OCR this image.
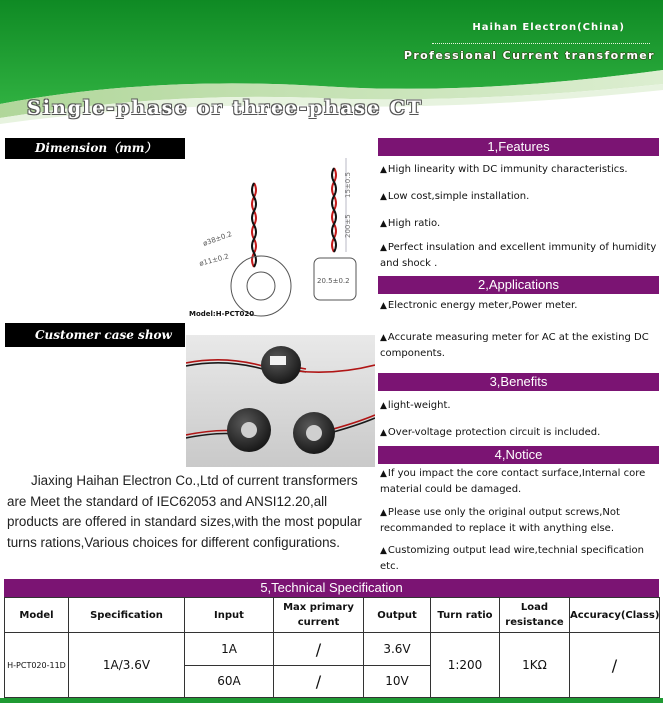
Haihan Electron(China)
Professional Current transformer
Single-phase or three-phase CT
Dimension（mm）
ø38±0.2
ø11±0.2
15±0.5
200±5
20.5±0.2
Model:H-PCT020
Customer case show

Jiaxing Haihan Electron Co.,Ltd of current transformers are Meet the standard of IEC62053 and ANSI12.20,all products are offered in standard sizes,with the most popular turns rations,Various choices for different configurations.

1,Features
▲High linearity with DC immunity characteristics.
▲Low cost,simple installation.
▲High ratio.
▲Perfect insulation and excellent immunity of humidity and shock .
2,Applications
▲Electronic energy meter,Power meter.
▲Accurate measuring meter for AC at the existing DC components.
3,Benefits
▲light-weight.
▲Over-voltage protection circuit is included.
4,Notice
▲If you impact the core contact surface,Internal core material could be damaged.
▲Please use only the original output screws,Not recommanded to replace it with anything else.
▲Customizing output lead wire,technial specification etc.
5,Technical Specification
Model	Specification	Input	Max primary current	Output	Turn ratio	Load resistance	Accuracy(Class)
H-PCT020-11D	1A/3.6V	1A	/	3.6V	1:200	1KΩ	/
		60A	/	10V			
